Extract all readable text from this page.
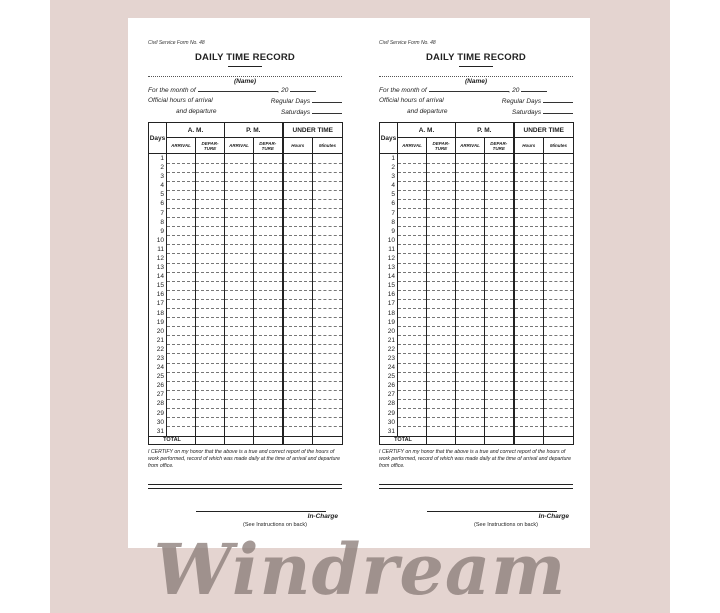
Civil Service Form No. 48
DAILY TIME RECORD
(Name)
For the month of	, 20
Official hours of arrival	Regular Days
and departure	Saturdays
Days	A. M.		P. M.		UNDER TIME	
	ARRIVAL	DEPAR-TURE	ARRIVAL	DEPAR-TURE	Hours	Minutes
1						
2						
3						
4						
5						
6						
7						
8						
9						
10						
11						
12						
13						
14						
15						
16						
17						
18						
19						
20						
21						
22						
23						
24						
25						
26						
27						
28						
29						
30						
31						
TOTAL						
I CERTIFY on my honor that the above is a true and correct report of the hours of work performed, record of which was made daily at the time of arrival and departure from office.
In-Charge
(See Instructions on back)
Civil Service Form No. 48
DAILY TIME RECORD
(Name)
For the month of	, 20
Official hours of arrival	Regular Days
and departure	Saturdays
Days	A. M.		P. M.		UNDER TIME	
	ARRIVAL	DEPAR-TURE	ARRIVAL	DEPAR-TURE	Hours	Minutes
1						
2						
3						
4						
5						
6						
7						
8						
9						
10						
11						
12						
13						
14						
15						
16						
17						
18						
19						
20						
21						
22						
23						
24						
25						
26						
27						
28						
29						
30						
31						
TOTAL						
I CERTIFY on my honor that the above is a true and correct report of the hours of work performed, record of which was made daily at the time of arrival and departure from office.
In-Charge
(See Instructions on back)
Windream
